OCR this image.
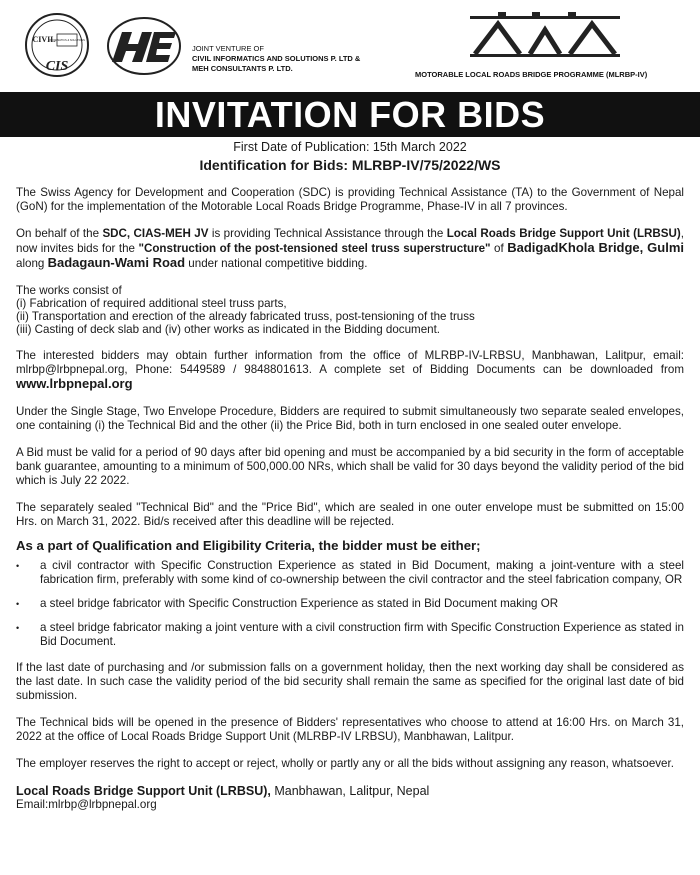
CIVIL
INFORMATICS & SOLUTIONS
CIS
JOINT VENTURE OF
CIVIL INFORMATICS AND SOLUTIONS P. LTD &
MEH CONSULTANTS P. LTD.
MOTORABLE LOCAL ROADS BRIDGE PROGRAMME (MLRBP-IV)
INVITATION FOR BIDS
First Date of Publication: 15th March 2022
Identification for Bids: MLRBP-IV/75/2022/WS

The Swiss Agency for Development and Cooperation (SDC) is providing Technical Assistance (TA) to the Government of Nepal (GoN) for the implementation of the Motorable Local Roads Bridge Programme, Phase-IV in all 7 provinces.

On behalf of the SDC, CIAS-MEH JV is providing Technical Assistance through the Local Roads Bridge Support Unit (LRBSU), now invites bids for the "Construction of the post-tensioned steel truss superstructure" of BadigadKhola Bridge, Gulmi along Badagaun-Wami Road under national competitive bidding.

The works consist of
(i) Fabrication of required additional steel truss parts,
(ii) Transportation and erection of the already fabricated truss, post-tensioning of the truss
(iii) Casting of deck slab and (iv) other works as indicated in the Bidding document.

The interested bidders may obtain further information from the office of MLRBP-IV-LRBSU, Manbhawan, Lalitpur, email: mlrbp@lrbpnepal.org, Phone: 5449589 / 9848801613. A complete set of Bidding Documents can be downloaded from www.lrbpnepal.org

Under the Single Stage, Two Envelope Procedure, Bidders are required to submit simultaneously two separate sealed envelopes, one containing (i) the Technical Bid and the other (ii) the Price Bid, both in turn enclosed in one sealed outer envelope.

A Bid must be valid for a period of 90 days after bid opening and must be accompanied by a bid security in the form of acceptable bank guarantee, amounting to a minimum of 500,000.00 NRs, which shall be valid for 30 days beyond the validity period of the bid which is July 22 2022.

The separately sealed "Technical Bid" and the "Price Bid", which are sealed in one outer envelope must be submitted on 15:00 Hrs. on March 31, 2022. Bid/s received after this deadline will be rejected.

As a part of Qualification and Eligibility Criteria, the bidder must be either;
•	a civil contractor with Specific Construction Experience as stated in Bid Document, making a joint-venture with a steel fabrication firm, preferably with some kind of co-ownership between the civil contractor and the steel fabrication company, OR
•	a steel bridge fabricator with Specific Construction Experience as stated in Bid Document making OR
•	a steel bridge fabricator making a joint venture with a civil construction firm with Specific Construction Experience as stated in Bid Document.

If the last date of purchasing and /or submission falls on a government holiday, then the next working day shall be considered as the last date. In such case the validity period of the bid security shall remain the same as specified for the original last date of bid submission.

The Technical bids will be opened in the presence of Bidders' representatives who choose to attend at 16:00 Hrs. on March 31, 2022 at the office of Local Roads Bridge Support Unit (MLRBP-IV LRBSU), Manbhawan, Lalitpur.

The employer reserves the right to accept or reject, wholly or partly any or all the bids without assigning any reason, whatsoever.

Local Roads Bridge Support Unit (LRBSU), Manbhawan, Lalitpur, Nepal
Email:mlrbp@lrbpnepal.org
